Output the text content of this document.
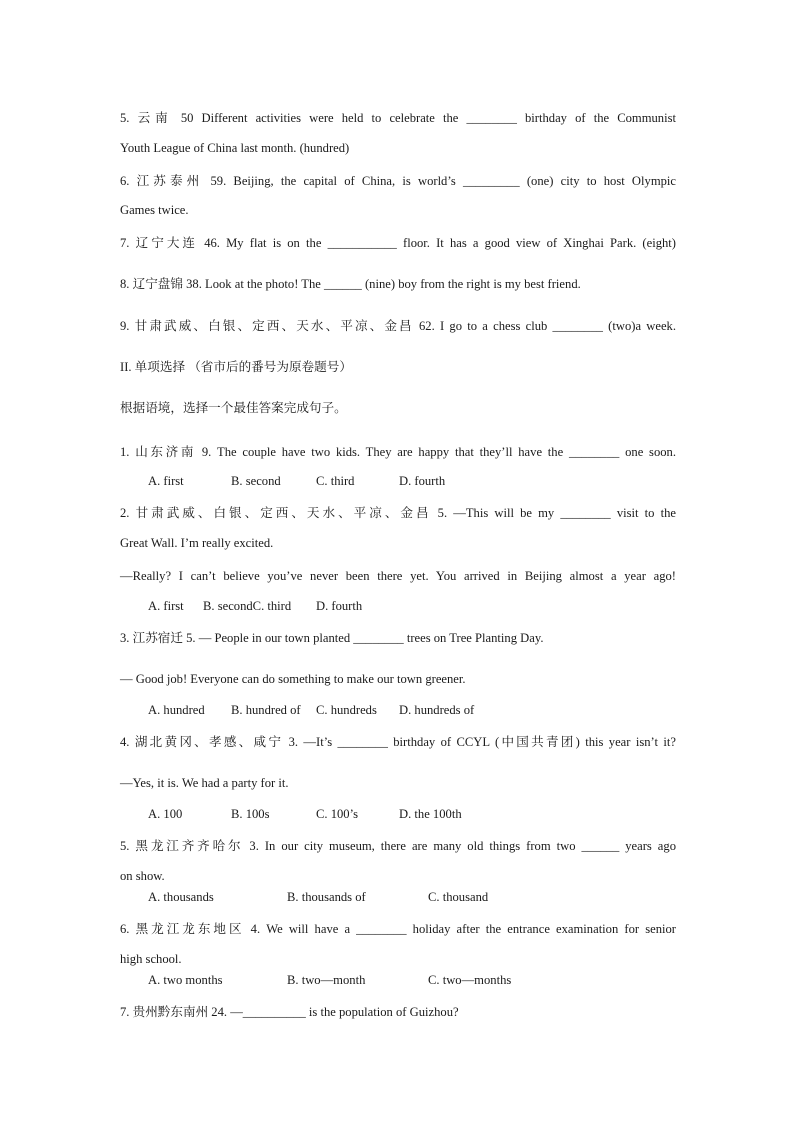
5. 云南 50 Different activities were held to celebrate the ________ birthday of the Communist
Youth League of China last month. (hundred)
6. 江苏泰州 59. Beijing, the capital of China, is world’s _________ (one) city to host Olympic
Games twice.
7. 辽宁大连 46. My flat is on the ___________ floor. It has a good view of Xinghai Park. (eight)
8. 辽宁盘锦 38. Look at the photo! The ______ (nine) boy from the right is my best friend.
9. 甘肃武威、白银、定西、天水、平凉、金昌 62. I go to a chess club ________ (two)a week.
II. 单项选择 （省市后的番号为原卷题号）
根据语境，选择一个最佳答案完成句子。
1. 山东济南 9. The couple have two kids. They are happy that they’ll have the ________ one soon.
2. 甘肃武威、白银、定西、天水、平凉、金昌 5. —This will be my ________ visit to the
Great Wall. I’m really excited.
—Really? I can’t believe you’ve never been there yet. You arrived in Beijing almost a year ago!
3. 江苏宿迁 5. — People in our town planted ________ trees on Tree Planting Day.
— Good job! Everyone can do something to make our town greener.
4. 湖北黄冈、孝感、咸宁 3. —It’s ________ birthday of CCYL (中国共青团) this year isn’t it?
—Yes, it is. We had a party for it.
5. 黑龙江齐齐哈尔 3. In our city museum, there are many old things from two ______ years ago
on show.
6. 黑龙江龙东地区 4. We will have a ________ holiday after the entrance examination for senior
high school.
7. 贵州黔东南州 24. —__________ is the population of Guizhou?
A. first	B. second	C. third	D. fourth
A. first B. secondC. third D. fourth
A. hundred B. hundred of C. hundreds D. hundreds of
A. 100	B. 100s	C. 100’s	D. the 100th
A. thousands	B. thousands of	C. thousand
A. two months	B. two—month	C. two—months
